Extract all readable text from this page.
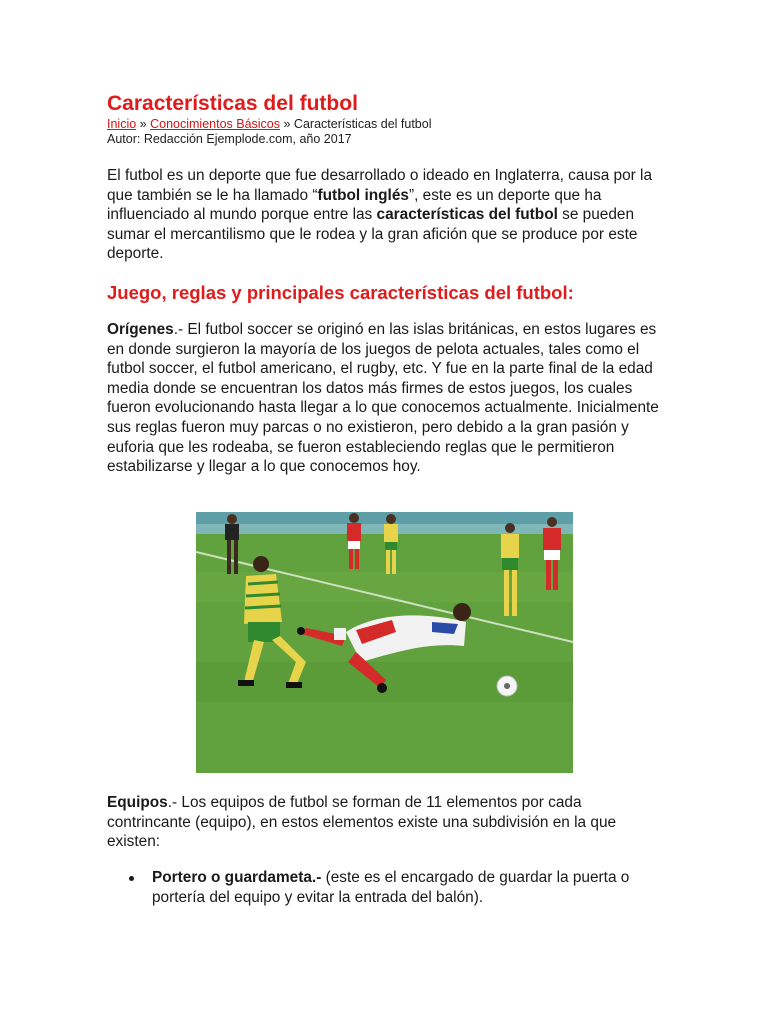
Características del futbol
Inicio » Conocimientos Básicos » Características del futbol
Autor: Redacción Ejemplode.com, año 2017

El futbol es un deporte que fue desarrollado o ideado en Inglaterra, causa por la que también se le ha llamado “futbol inglés”, este es un deporte que ha influenciado al mundo porque entre las características del futbol se pueden sumar el mercantilismo que le rodea y la gran afición que se produce por este deporte.

Juego, reglas y principales características del futbol:

Orígenes.- El futbol soccer se originó en las islas británicas, en estos lugares es en donde surgieron la mayoría de los juegos de pelota actuales, tales como el futbol soccer, el futbol americano, el rugby, etc. Y fue en la parte final de la edad media donde se encuentran los datos más firmes de estos juegos, los cuales fueron evolucionando hasta llegar a lo que conocemos actualmente. Inicialmente sus reglas fueron muy parcas o no existieron, pero debido a la gran pasión y euforia que les rodeaba, se fueron estableciendo reglas que le permitieron estabilizarse y llegar a lo que conocemos hoy.

Equipos.- Los equipos de futbol se forman de 11 elementos por cada contrincante (equipo), en estos elementos existe una subdivisión en la que existen:

Portero o guardameta.- (este es el encargado de guardar la puerta o portería del equipo y evitar la entrada del balón).
